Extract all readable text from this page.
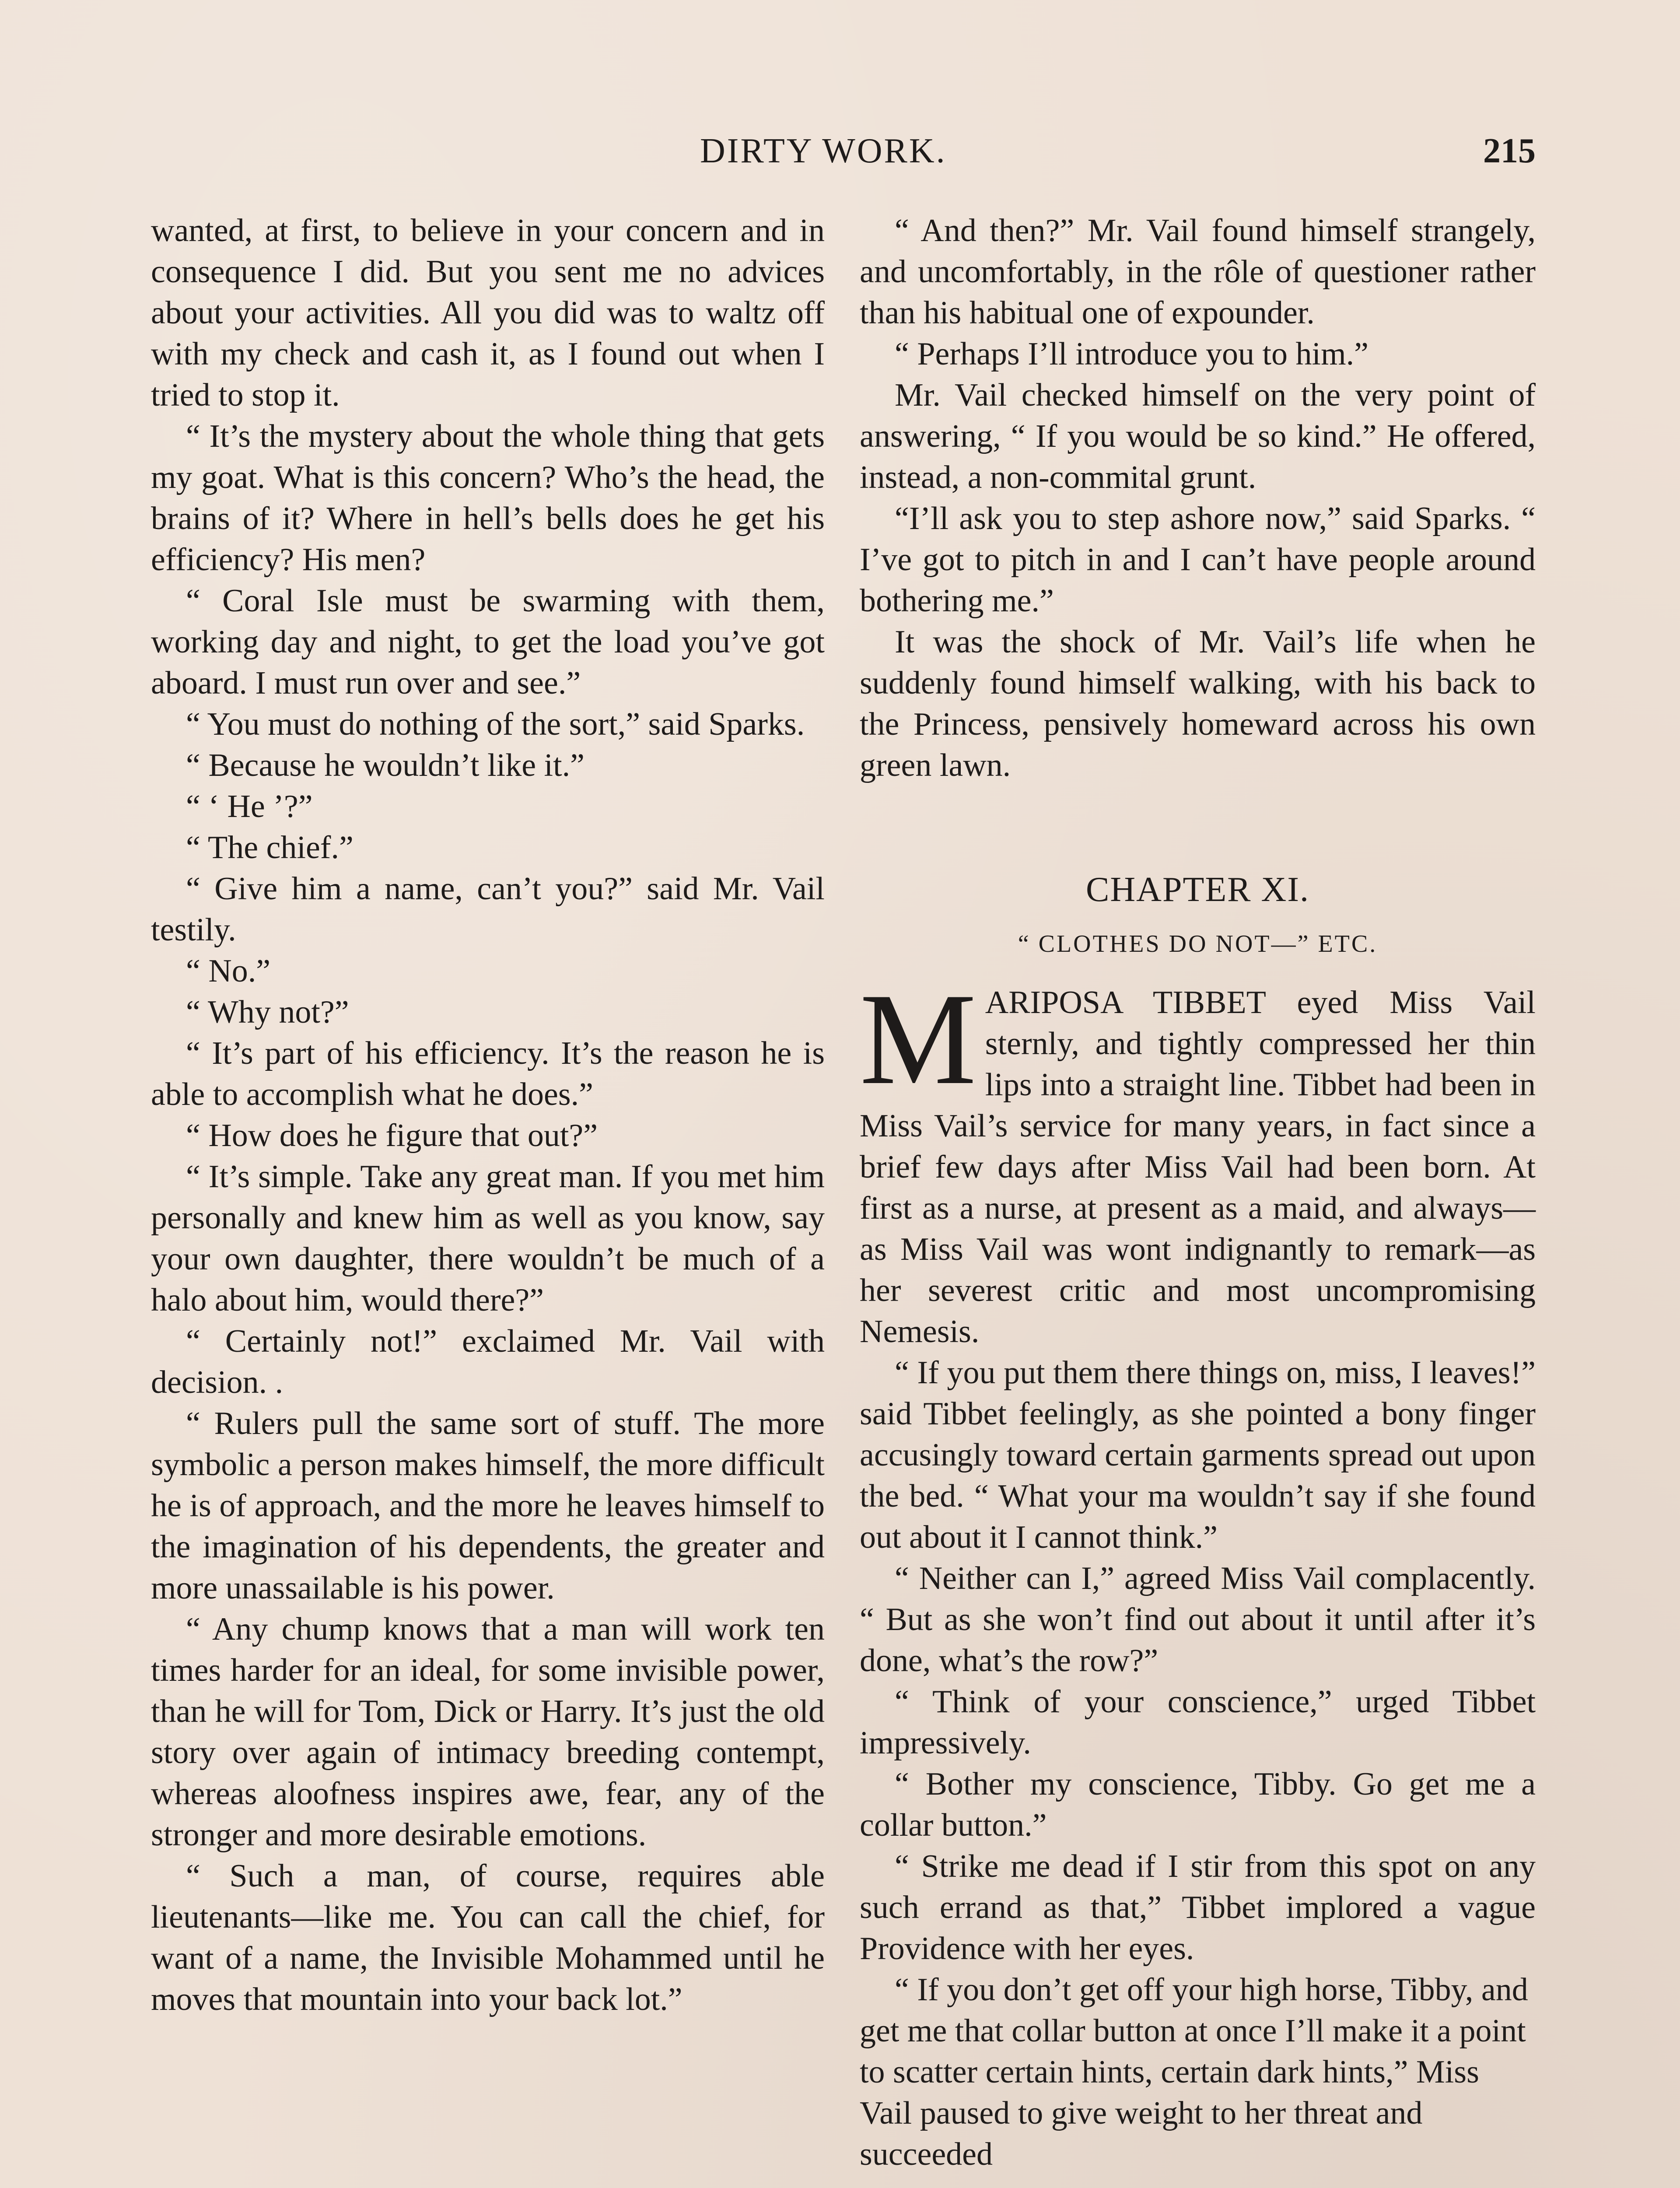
DIRTY WORK.	215

wanted, at first, to believe in your concern and in consequence I did. But you sent me no advices about your activities. All you did was to waltz off with my check and cash it, as I found out when I tried to stop it.

“ It’s the mystery about the whole thing that gets my goat. What is this concern? Who’s the head, the brains of it? Where in hell’s bells does he get his efficiency? His men?

“ Coral Isle must be swarming with them, working day and night, to get the load you’ve got aboard. I must run over and see.”

“ You must do nothing of the sort,” said Sparks.

“ Because he wouldn’t like it.”

“ ‘ He ’?”

“ The chief.”

“ Give him a name, can’t you?” said Mr. Vail testily.

“ No.”

“ Why not?”

“ It’s part of his efficiency. It’s the reason he is able to accomplish what he does.”

“ How does he figure that out?”

“ It’s simple. Take any great man. If you met him personally and knew him as well as you know, say your own daughter, there wouldn’t be much of a halo about him, would there?”

“ Certainly not!” exclaimed Mr. Vail with decision. .

“ Rulers pull the same sort of stuff. The more symbolic a person makes himself, the more difficult he is of approach, and the more he leaves himself to the imagination of his dependents, the greater and more unassailable is his power.

“ Any chump knows that a man will work ten times harder for an ideal, for some invisible power, than he will for Tom, Dick or Harry. It’s just the old story over again of intimacy breeding contempt, whereas aloofness inspires awe, fear, any of the stronger and more desirable emotions.

“ Such a man, of course, requires able lieutenants—like me. You can call the chief, for want of a name, the Invisible Mohammed until he moves that mountain into your back lot.”

“ And then?” Mr. Vail found himself strangely, and uncomfortably, in the rôle of questioner rather than his habitual one of expounder.

“ Perhaps I’ll introduce you to him.”

Mr. Vail checked himself on the very point of answering, “ If you would be so kind.” He offered, instead, a non-commital grunt.

“I’ll ask you to step ashore now,” said Sparks. “ I’ve got to pitch in and I can’t have people around bothering me.”

It was the shock of Mr. Vail’s life when he suddenly found himself walking, with his back to the Princess, pensively homeward across his own green lawn.

CHAPTER XI.
“ CLOTHES DO NOT—” ETC.

MARIPOSA TIBBET eyed Miss Vail sternly, and tightly compressed her thin lips into a straight line. Tibbet had been in Miss Vail’s service for many years, in fact since a brief few days after Miss Vail had been born. At first as a nurse, at present as a maid, and always—as Miss Vail was wont indignantly to remark—as her severest critic and most uncompromising Nemesis.

“ If you put them there things on, miss, I leaves!” said Tibbet feelingly, as she pointed a bony finger accusingly toward certain garments spread out upon the bed. “ What your ma wouldn’t say if she found out about it I cannot think.”

“ Neither can I,” agreed Miss Vail complacently. “ But as she won’t find out about it until after it’s done, what’s the row?”

“ Think of your conscience,” urged Tibbet impressively.

“ Bother my conscience, Tibby. Go get me a collar button.”

“ Strike me dead if I stir from this spot on any such errand as that,” Tibbet implored a vague Providence with her eyes.

“ If you don’t get off your high horse, Tibby, and get me that collar button at once I’ll make it a point to scatter certain hints, certain dark hints,” Miss Vail paused to give weight to her threat and succeeded
